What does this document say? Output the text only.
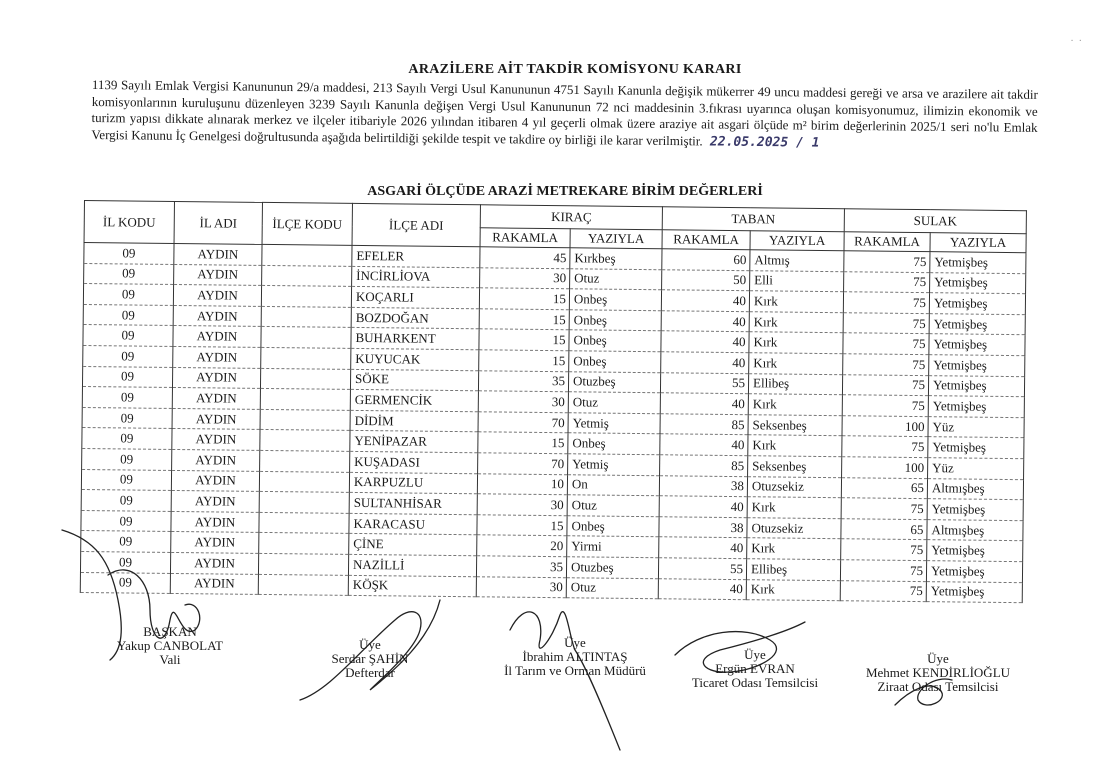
·  ·
ARAZİLERE AİT TAKDİR KOMİSYONU KARARI
1139 Sayılı Emlak Vergisi Kanununun 29/a maddesi, 213 Sayılı Vergi Usul Kanununun 4751 Sayılı Kanunla değişik mükerrer 49 uncu maddesi gereği ve arsa ve arazilere ait takdir komisyonlarının kuruluşunu düzenleyen 3239 Sayılı Kanunla değişen Vergi Usul Kanununun 72 nci maddesinin 3.fıkrası uyarınca oluşan komisyonumuz, ilimizin ekonomik ve turizm yapısı dikkate alınarak merkez ve ilçeler itibariyle 2026 yılından itibaren 4 yıl geçerli olmak üzere araziye ait asgari ölçüde m² birim değerlerinin 2025/1 seri no'lu Emlak Vergisi Kanunu İç Genelgesi doğrultusunda aşağıda belirtildiği şekilde tespit ve takdire oy birliği ile karar verilmiştir. 22.05.2025 / 1
ASGARİ ÖLÇÜDE ARAZİ METREKARE BİRİM DEĞERLERİ
İL KODU	İL ADI	İLÇE KODU	İLÇE ADI	KIRAÇ		TABAN		SULAK	
				RAKAMLA	YAZIYLA	RAKAMLA	YAZIYLA	RAKAMLA	YAZIYLA
09	AYDIN		EFELER	45	Kırkbeş	60	Altmış	75	Yetmişbeş
09	AYDIN		İNCİRLİOVA	30	Otuz	50	Elli	75	Yetmişbeş
09	AYDIN		KOÇARLI	15	Onbeş	40	Kırk	75	Yetmişbeş
09	AYDIN		BOZDOĞAN	15	Onbeş	40	Kırk	75	Yetmişbeş
09	AYDIN		BUHARKENT	15	Onbeş	40	Kırk	75	Yetmişbeş
09	AYDIN		KUYUCAK	15	Onbeş	40	Kırk	75	Yetmişbeş
09	AYDIN		SÖKE	35	Otuzbeş	55	Ellibeş	75	Yetmişbeş
09	AYDIN		GERMENCİK	30	Otuz	40	Kırk	75	Yetmişbeş
09	AYDIN		DİDİM	70	Yetmiş	85	Seksenbeş	100	Yüz
09	AYDIN		YENİPAZAR	15	Onbeş	40	Kırk	75	Yetmişbeş
09	AYDIN		KUŞADASI	70	Yetmiş	85	Seksenbeş	100	Yüz
09	AYDIN		KARPUZLU	10	On	38	Otuzsekiz	65	Altmışbeş
09	AYDIN		SULTANHİSAR	30	Otuz	40	Kırk	75	Yetmişbeş
09	AYDIN		KARACASU	15	Onbeş	38	Otuzsekiz	65	Altmışbeş
09	AYDIN		ÇİNE	20	Yirmi	40	Kırk	75	Yetmişbeş
09	AYDIN		NAZİLLİ	35	Otuzbeş	55	Ellibeş	75	Yetmişbeş
09	AYDIN		KÖŞK	30	Otuz	40	Kırk	75	Yetmişbeş
BAŞKAN
Yakup CANBOLAT
Vali
Üye
Serdar ŞAHİN
Defterdar
Üye
İbrahim ALTINTAŞ
İl Tarım ve Orman Müdürü
Üye
Ergün EVRAN
Ticaret Odası Temsilcisi
Üye
Mehmet KENDİRLİOĞLU
Ziraat Odası Temsilcisi
